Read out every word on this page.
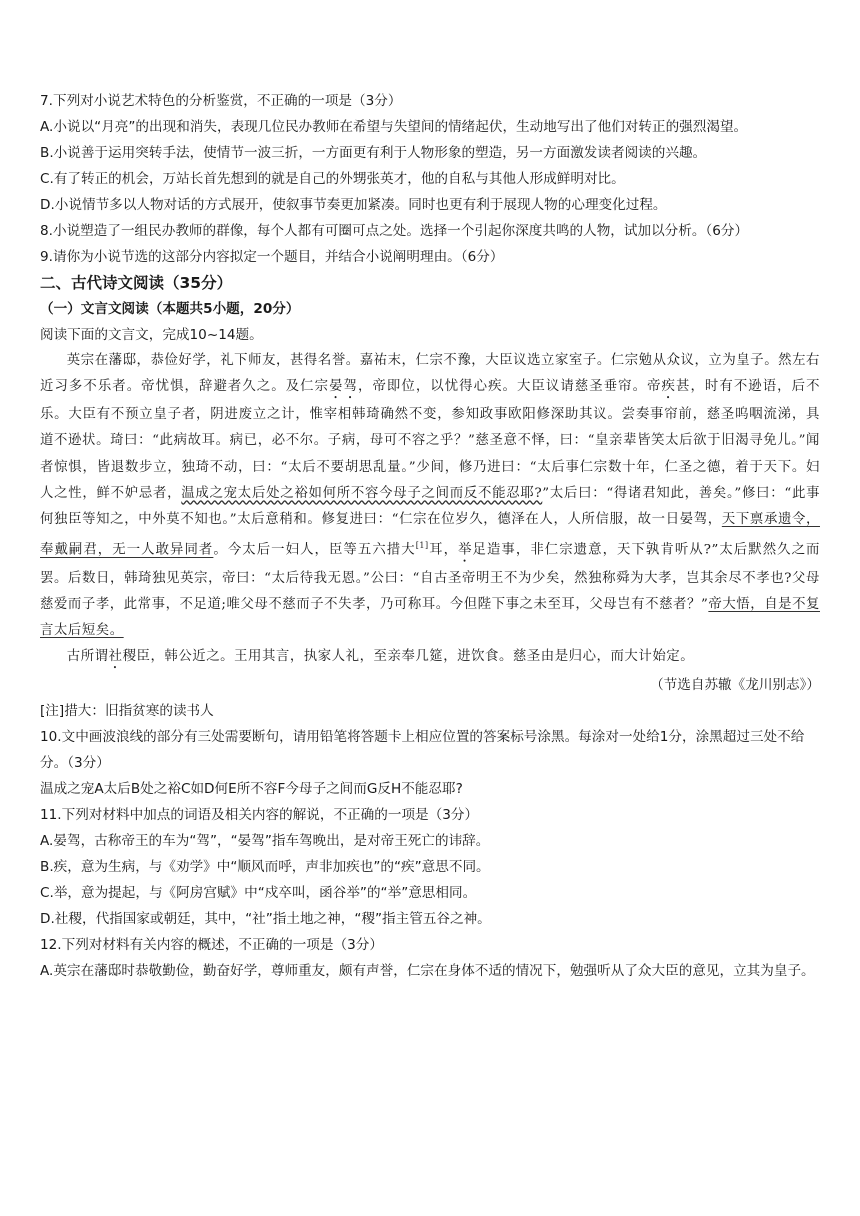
7.下列对小说艺术特色的分析鉴赏，不正确的一项是（3分）

A.小说以“月亮”的出现和消失，表现几位民办教师在希望与失望间的情绪起伏，生动地写出了他们对转正的强烈渴望。

B.小说善于运用突转手法，使情节一波三折，一方面更有利于人物形象的塑造，另一方面激发读者阅读的兴趣。

C.有了转正的机会，万站长首先想到的就是自己的外甥张英才，他的自私与其他人形成鲜明对比。

D.小说情节多以人物对话的方式展开，使叙事节奏更加紧凑。同时也更有利于展现人物的心理变化过程。

8.小说塑造了一组民办教师的群像，每个人都有可圈可点之处。选择一个引起你深度共鸣的人物，试加以分析。（6分）

9.请你为小说节选的这部分内容拟定一个题目，并结合小说阐明理由。（6分）

二、古代诗文阅读（35分）

（一）文言文阅读（本题共5小题，20分）

阅读下面的文言文，完成10~14题。

英宗在藩邸，恭俭好学，礼下师友，甚得名誉。嘉祐末，仁宗不豫，大臣议选立家室子。仁宗勉从众议，立为皇子。然左右近习多不乐者。帝忧惧，辞避者久之。及仁宗晏驾，帝即位，以忧得心疾。大臣议请慈圣垂帘。帝疾甚，时有不逊语，后不乐。大臣有不预立皇子者，阴进废立之计，惟宰相韩琦确然不变，参知政事欧阳修深助其议。尝奏事帘前，慈圣呜咽流涕，具道不逊状。琦曰：“此病故耳。病已，必不尔。子病，母可不容之乎？”慈圣意不怿，曰：“皇亲辈皆笑太后欲于旧渴寻免儿。”闻者惊惧，皆退数步立，独琦不动，曰：“太后不要胡思乱量。”少间，修乃进曰：“太后事仁宗数十年，仁圣之德，着于天下。妇人之性，鲜不妒忌者，温成之宠太后处之裕如何所不容今母子之间而反不能忍耶?”太后曰：“得诸君知此，善矣。”修曰：“此事何独臣等知之，中外莫不知也。”太后意稍和。修复进曰：“仁宗在位岁久，德泽在人，人所信服，故一日晏驾，天下禀承遗令，奉戴嗣君，无一人敢异同者。今太后一妇人，臣等五六措大[1]耳，举足造事，非仁宗遗意，天下孰肯听从?”太后默然久之而罢。后数日，韩琦独见英宗，帝曰：“太后待我无恩。”公曰：“自古圣帝明王不为少矣，然独称舜为大孝，岂其余尽不孝也?父母慈爱而子孝，此常事，不足道;唯父母不慈而子不失孝，乃可称耳。今但陛下事之未至耳，父母岂有不慈者？”帝大悟，自是不复言太后短矣。

古所谓社稷臣，韩公近之。王用其言，执家人礼，至亲奉几筵，进饮食。慈圣由是归心，而大计始定。

（节选自苏辙《龙川别志》）

[注]措大：旧指贫寒的读书人

10.文中画波浪线的部分有三处需要断句，请用铅笔将答题卡上相应位置的答案标号涂黑。每涂对一处给1分，涂黑超过三处不给分。（3分）

温成之宠A太后B处之裕C如D何E所不容F今母子之间而G反H不能忍耶?

11.下列对材料中加点的词语及相关内容的解说，不正确的一项是（3分）

A.晏驾，古称帝王的车为“驾”，“晏驾”指车驾晚出，是对帝王死亡的讳辞。

B.疾，意为生病，与《劝学》中“顺风而呼，声非加疾也”的“疾”意思不同。

C.举，意为提起，与《阿房宫赋》中“戍卒叫，函谷举”的“举”意思相同。

D.社稷，代指国家或朝廷，其中，“社”指土地之神，“稷”指主管五谷之神。

12.下列对材料有关内容的概述，不正确的一项是（3分）

A.英宗在藩邸时恭敬勤俭，勤奋好学，尊师重友，颇有声誉，仁宗在身体不适的情况下，勉强听从了众大臣的意见，立其为皇子。
